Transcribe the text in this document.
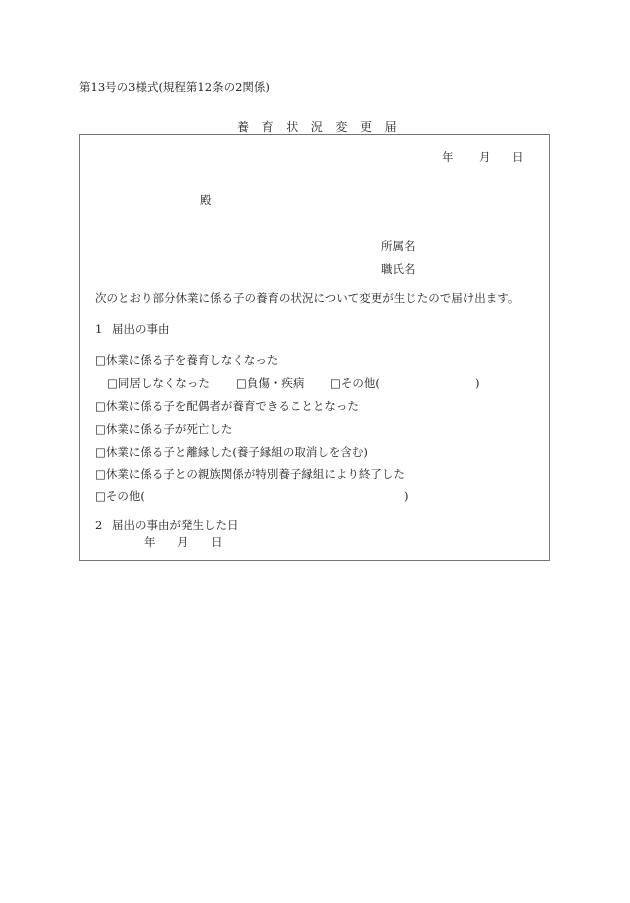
第13号の3様式(規程第12条の2関係)
養育状況変更届
年 月 日
殿
所属名
職氏名
次のとおり部分休業に係る子の養育の状況について変更が生じたので届け出ます。
1 届出の事由
□休業に係る子を養育しなくなった
□同居しなくなった □負傷・疾病 □その他(	)
□休業に係る子を配偶者が養育できることとなった
□休業に係る子が死亡した
□休業に係る子と離縁した(養子縁組の取消しを含む)
□休業に係る子との親族関係が特別養子縁組により終了した
□その他(	)
2 届出の事由が発生した日
年 月 日
